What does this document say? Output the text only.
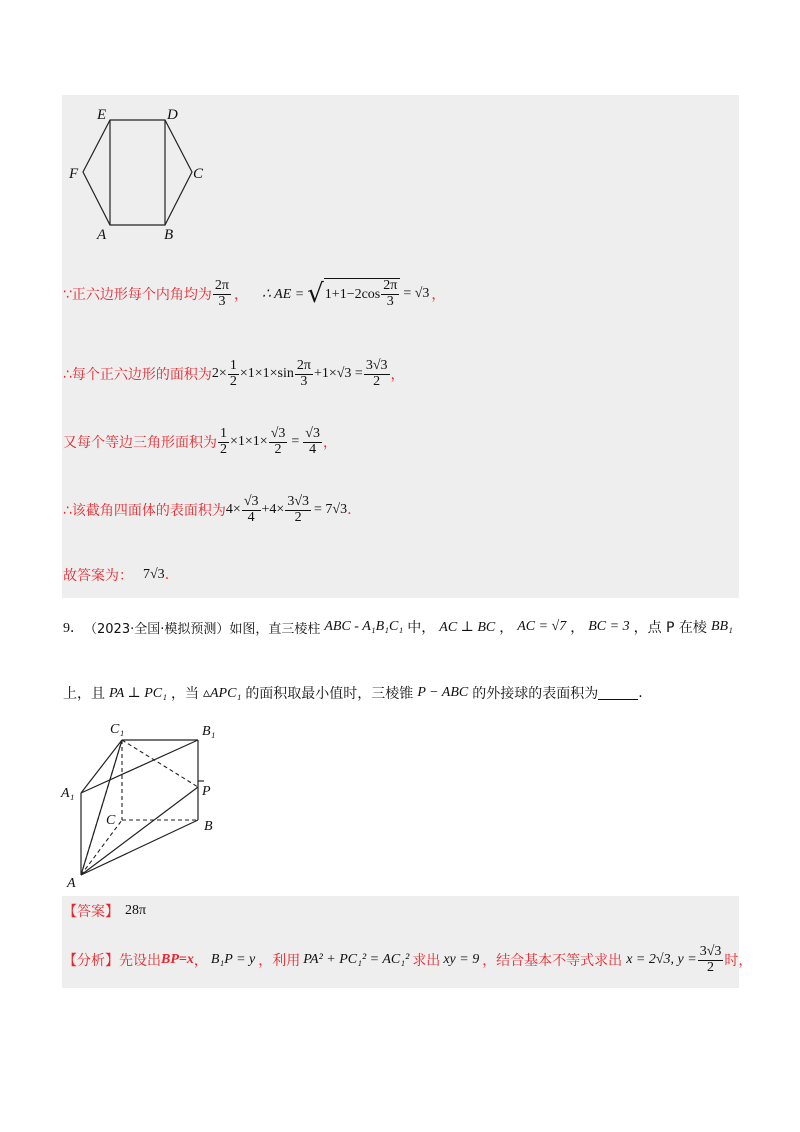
E	D
F	C
A	B
∵正六边形每个内角均为 $\frac{2\pi}{3}$ ， ∴ AE = √ $1+1-2\cos \frac{2\pi}{3} = √3$ ，
∴每个正六边形的面积为 $2\times \frac{1}{2} \times 1\times 1\times\sin \frac{2\pi}{3} +1\times√3 = \frac{3√3}{2}$ ，
又每个等边三角形面积为 $\frac{1}{2} \times 1\times 1\times \frac{√3}{2} = \frac{√3}{4}$ ，
∴该截角四面体的表面积为 $4\times \frac{√3}{4} +4\times \frac{3√3}{2} = 7√3$ .
故答案为： 7√3 .
9． （2023·全国·模拟预测）如图，直三棱柱 ABC - A₁B₁C₁ 中， AC ⊥ BC ， AC = √7 ， BC = 3 ，点 P 在棱 BB₁
上，且 PA ⊥ PC₁ ，当 ▵APC₁ 的面积取最小值时，三棱锥 P − ABC 的外接球的表面积为	.
C₁	B₁
A₁	P
C	B
A
【答案】 28π
【分析】 先设出 BP=x ， B₁P = y ，利用 PA² + PC₁² = AC₁² 求出 xy = 9 ，结合基本不等式求出 x = 2√3, $y = \frac{3√3}{2}$ 时，
